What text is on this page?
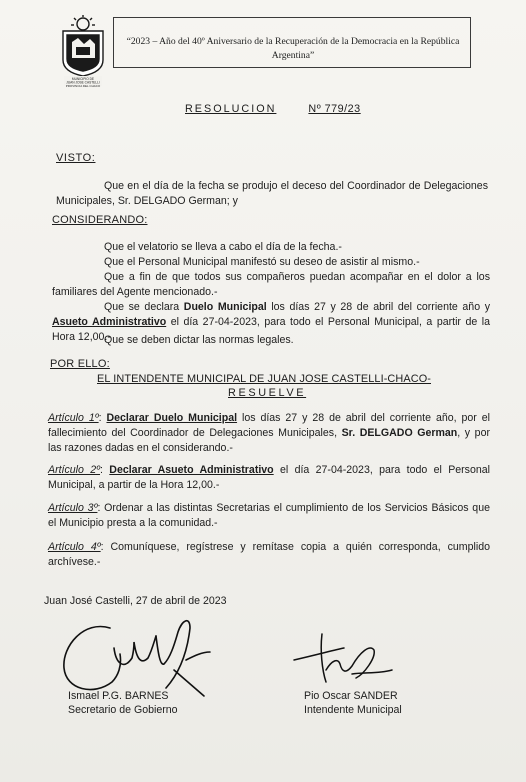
MUNICIPIO DE
JUAN JOSE CASTELLI
PROVINCIA DEL CHACO
“2023 – Año del 40º Aniversario de la Recuperación de la Democracia en la República Argentina”
RESOLUCION	Nº 779/23
VISTO:

Que en el día de la fecha se produjo el deceso del Coordinador de Delegaciones Municipales, Sr. DELGADO German; y

CONSIDERANDO:

Que el velatorio se lleva a cabo el día de la fecha.-

Que el Personal Municipal manifestó su deseo de asistir al mismo.-

Que a fin de que todos sus compañeros puedan acompañar en el dolor a los familiares del Agente mencionado.-

Que se declara Duelo Municipal los días 27 y 28 de abril del corriente año y Asueto Administrativo el día 27-04-2023, para todo el Personal Municipal, a partir de la Hora 12,00.-

Que se deben dictar las normas legales.

POR ELLO:
EL INTENDENTE MUNICIPAL DE JUAN JOSE CASTELLI-CHACO-
RESUELVE

Artículo 1º: Declarar Duelo Municipal los días 27 y 28 de abril del corriente año, por el fallecimiento del Coordinador de Delegaciones Municipales, Sr. DELGADO German, y por las razones dadas en el considerando.-

Artículo 2º: Declarar Asueto Administrativo el día 27-04-2023, para todo el Personal Municipal, a partir de la Hora 12,00.-

Artículo 3º: Ordenar a las distintas Secretarias el cumplimiento de los Servicios Básicos que el Municipio presta a la comunidad.-

Artículo 4º: Comuníquese, regístrese y remítase copia a quién corresponda, cumplido archívese.-

Juan José Castelli, 27 de abril de 2023

Ismael P.G. BARNES
Secretario de Gobierno
Pio Oscar SANDER
Intendente Municipal
